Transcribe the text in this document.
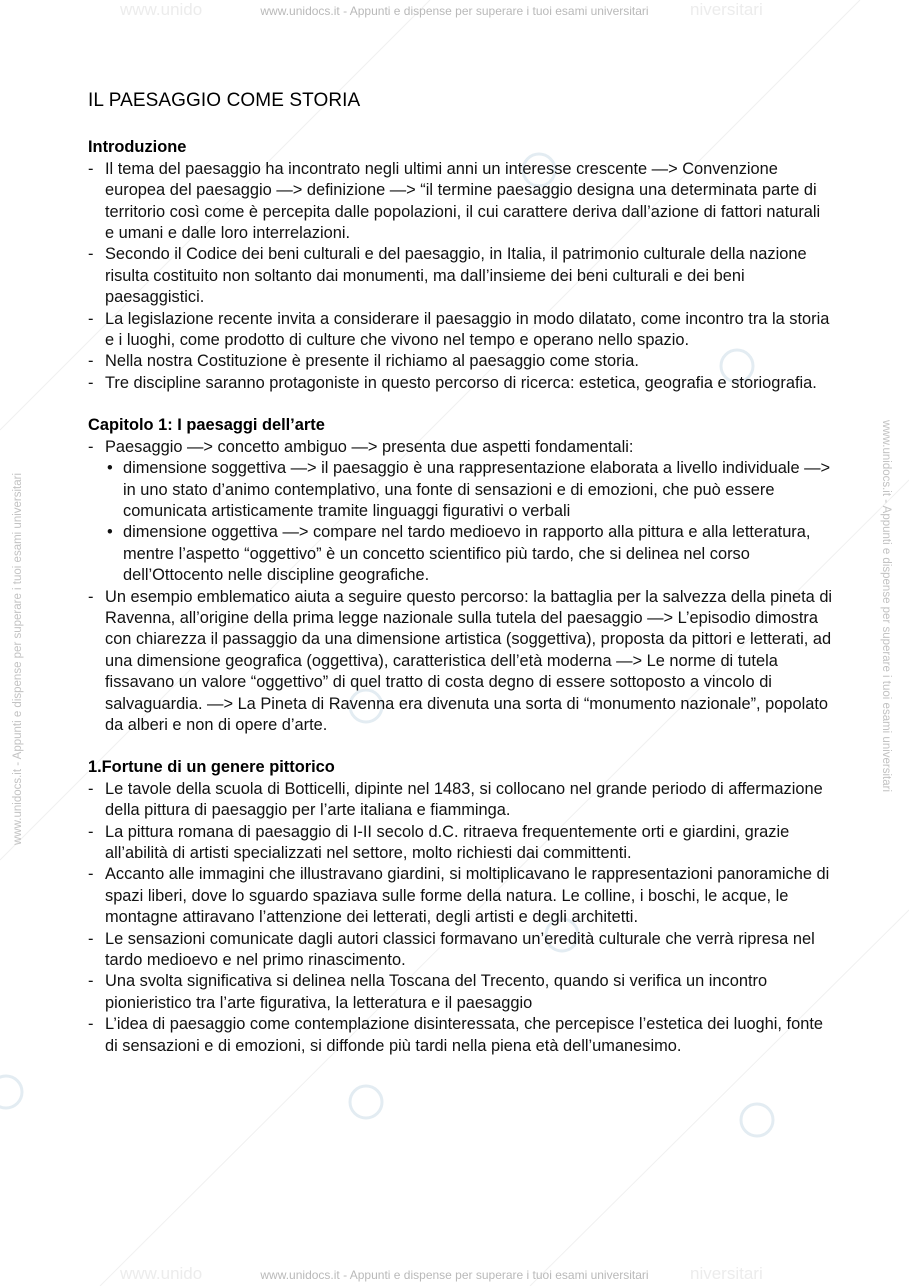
www.unido	www.unidocs.it - Appunti e dispense per superare i tuoi esami universitari niversitari
www.unidocs.it - Appunti e dispense per superare i tuoi esami universitari	www.unidocs.it - Appunti e dispense per superare i tuoi esami universitari
IL PAESAGGIO COME STORIA
Introduzione
- Il tema del paesaggio ha incontrato negli ultimi anni un interesse crescente —> Convenzione europea del paesaggio —> definizione —> “il termine paesaggio designa una determinata parte di territorio così come è percepita dalle popolazioni, il cui carattere deriva dall’azione di fattori naturali e umani e dalle loro interrelazioni.
- Secondo il Codice dei beni culturali e del paesaggio, in Italia, il patrimonio culturale della nazione risulta costituito non soltanto dai monumenti, ma dall’insieme dei beni culturali e dei beni paesaggistici.
- La legislazione recente invita a considerare il paesaggio in modo dilatato, come incontro tra la storia e i luoghi, come prodotto di culture che vivono nel tempo e operano nello spazio.
- Nella nostra Costituzione è presente il richiamo al paesaggio come storia.
- Tre discipline saranno protagoniste in questo percorso di ricerca: estetica, geografia e storiografia.
Capitolo 1: I paesaggi dell’arte
- Paesaggio —> concetto ambiguo —> presenta due aspetti fondamentali:
• dimensione soggettiva —> il paesaggio è una rappresentazione elaborata a livello individuale —> in uno stato d’animo contemplativo, una fonte di sensazioni e di emozioni, che può essere comunicata artisticamente tramite linguaggi figurativi o verbali
• dimensione oggettiva —> compare nel tardo medioevo in rapporto alla pittura e alla letteratura, mentre l’aspetto “oggettivo” è un concetto scientifico più tardo, che si delinea nel corso dell’Ottocento nelle discipline geografiche.
- Un esempio emblematico aiuta a seguire questo percorso: la battaglia per la salvezza della pineta di Ravenna, all’origine della prima legge nazionale sulla tutela del paesaggio —> L’episodio dimostra con chiarezza il passaggio da una dimensione artistica (soggettiva), proposta da pittori e letterati, ad una dimensione geografica (oggettiva), caratteristica dell’età moderna —> Le norme di tutela fissavano un valore “oggettivo” di quel tratto di costa degno di essere sottoposto a vincolo di salvaguardia. —> La Pineta di Ravenna era divenuta una sorta di “monumento nazionale”, popolato da alberi e non di opere d’arte.
1.Fortune di un genere pittorico
- Le tavole della scuola di Botticelli, dipinte nel 1483, si collocano nel grande periodo di affermazione della pittura di paesaggio per l’arte italiana e fiamminga.
- La pittura romana di paesaggio di I-II secolo d.C. ritraeva frequentemente orti e giardini, grazie all’abilità di artisti specializzati nel settore, molto richiesti dai committenti.
- Accanto alle immagini che illustravano giardini, si moltiplicavano le rappresentazioni panoramiche di spazi liberi, dove lo sguardo spaziava sulle forme della natura. Le colline, i boschi, le acque, le montagne attiravano l’attenzione dei letterati, degli artisti e degli architetti.
- Le sensazioni comunicate dagli autori classici formavano un’eredità culturale che verrà ripresa nel tardo medioevo e nel primo rinascimento.
- Una svolta significativa si delinea nella Toscana del Trecento, quando si verifica un incontro pionieristico tra l’arte figurativa, la letteratura e il paesaggio
- L’idea di paesaggio come contemplazione disinteressata, che percepisce l’estetica dei luoghi, fonte di sensazioni e di emozioni, si diffonde più tardi nella piena età dell’umanesimo.
www.unido	www.unidocs.it - Appunti e dispense per superare i tuoi esami universitari niversitari
